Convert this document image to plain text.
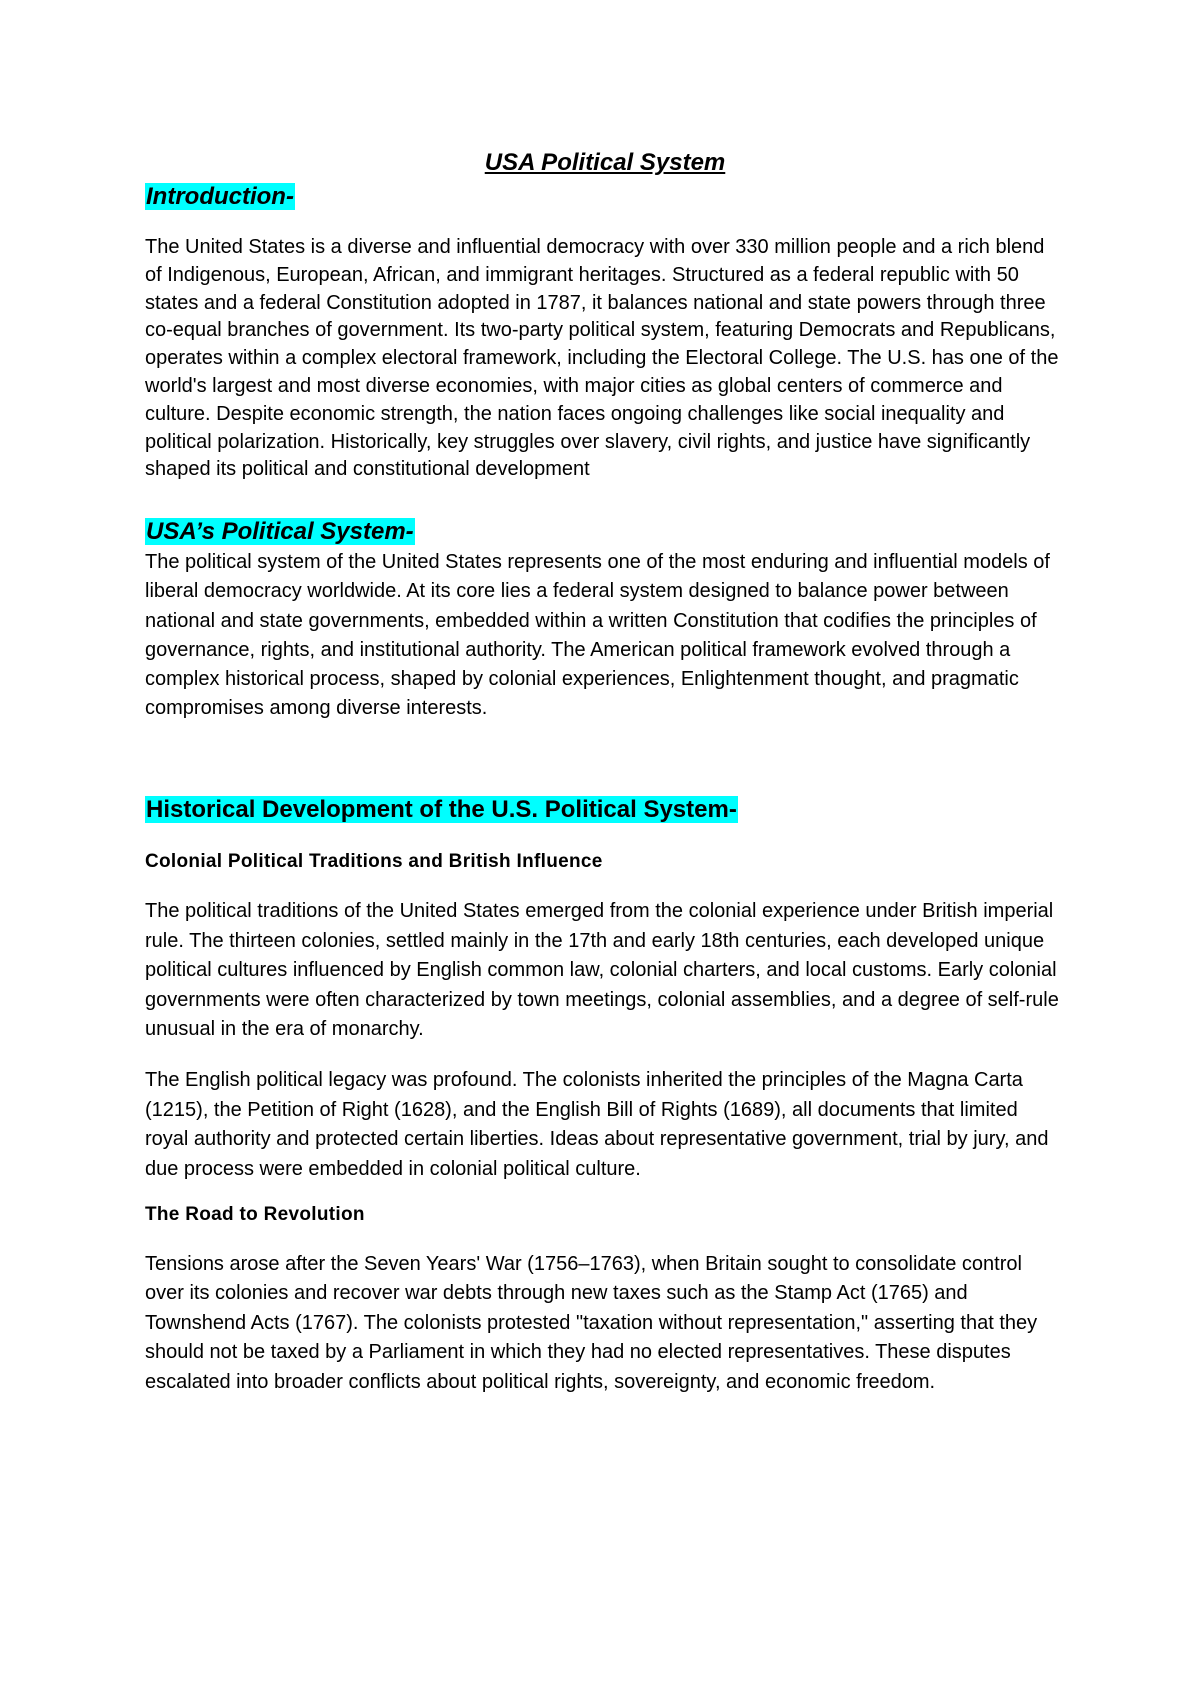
USA Political System
Introduction-

The United States is a diverse and influential democracy with over 330 million people and a rich blend of Indigenous, European, African, and immigrant heritages. Structured as a federal republic with 50 states and a federal Constitution adopted in 1787, it balances national and state powers through three co-equal branches of government. Its two-party political system, featuring Democrats and Republicans, operates within a complex electoral framework, including the Electoral College. The U.S. has one of the world's largest and most diverse economies, with major cities as global centers of commerce and culture. Despite economic strength, the nation faces ongoing challenges like social inequality and political polarization. Historically, key struggles over slavery, civil rights, and justice have significantly shaped its political and constitutional development

USA’s Political System-

The political system of the United States represents one of the most enduring and influential models of liberal democracy worldwide. At its core lies a federal system designed to balance power between national and state governments, embedded within a written Constitution that codifies the principles of governance, rights, and institutional authority. The American political framework evolved through a complex historical process, shaped by colonial experiences, Enlightenment thought, and pragmatic compromises among diverse interests.

Historical Development of the U.S. Political System-
Colonial Political Traditions and British Influence

The political traditions of the United States emerged from the colonial experience under British imperial rule. The thirteen colonies, settled mainly in the 17th and early 18th centuries, each developed unique political cultures influenced by English common law, colonial charters, and local customs. Early colonial governments were often characterized by town meetings, colonial assemblies, and a degree of self-rule unusual in the era of monarchy.

The English political legacy was profound. The colonists inherited the principles of the Magna Carta (1215), the Petition of Right (1628), and the English Bill of Rights (1689), all documents that limited royal authority and protected certain liberties. Ideas about representative government, trial by jury, and due process were embedded in colonial political culture.

The Road to Revolution

Tensions arose after the Seven Years' War (1756–1763), when Britain sought to consolidate control over its colonies and recover war debts through new taxes such as the Stamp Act (1765) and Townshend Acts (1767). The colonists protested "taxation without representation," asserting that they should not be taxed by a Parliament in which they had no elected representatives. These disputes escalated into broader conflicts about political rights, sovereignty, and economic freedom.
